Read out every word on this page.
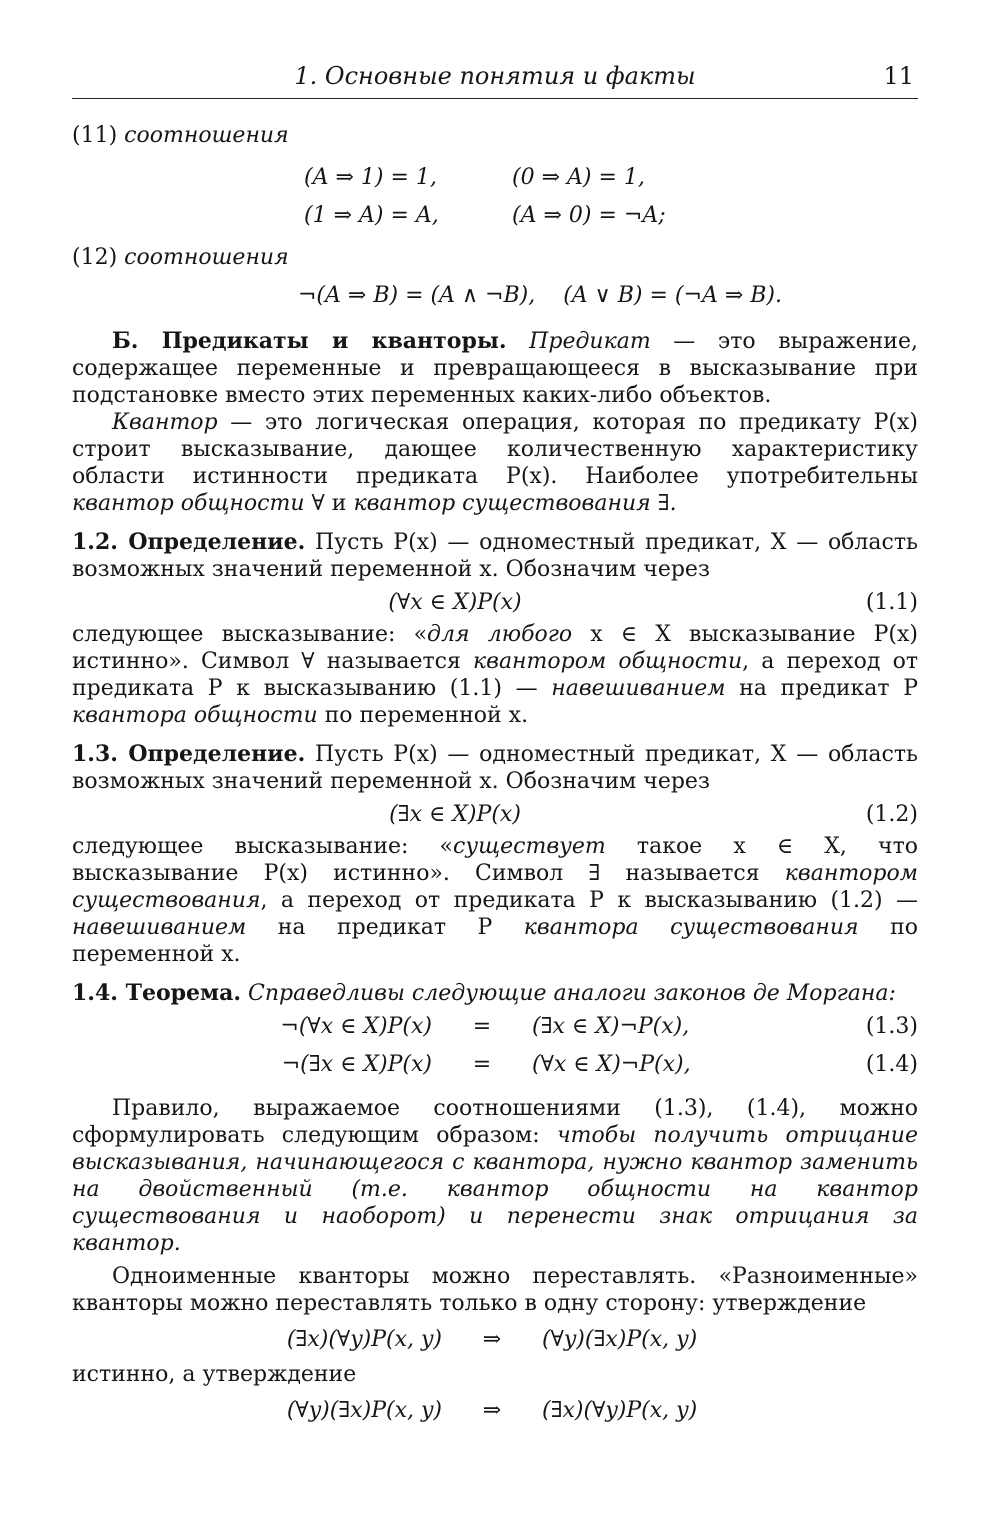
1. Основные понятия и факты	11
(11) соотношения
(A ⇒ 1) = 1,	(0 ⇒ A) = 1,
(1 ⇒ A) = A,	(A ⇒ 0) = ¬A;
(12) соотношения
¬(A ⇒ B) = (A ∧ ¬B),    (A ∨ B) = (¬A ⇒ B).

Б. Предикаты и кванторы. Предикат — это выражение, содержащее переменные и превращающееся в высказывание при подстановке вместо этих переменных каких-либо объектов.

Квантор — это логическая операция, которая по предикату P(x) строит высказывание, дающее количественную характеристику области истинности предиката P(x). Наиболее употребительны квантор общности ∀ и квантор существования ∃.

1.2. Определение. Пусть P(x) — одноместный предикат, X — область возможных значений переменной x. Обозначим через

(∀x ∈ X)P(x)	(1.1)

следующее высказывание: «для любого x ∈ X высказывание P(x) истинно». Символ ∀ называется квантором общности, а переход от предиката P к высказыванию (1.1) — навешиванием на предикат P квантора общности по переменной x.

1.3. Определение. Пусть P(x) — одноместный предикат, X — область возможных значений переменной x. Обозначим через

(∃x ∈ X)P(x)	(1.2)

следующее высказывание: «существует такое x ∈ X, что высказывание P(x) истинно». Символ ∃ называется квантором существования, а переход от предиката P к высказыванию (1.2) — навешиванием на предикат P квантора существования по переменной x.

1.4. Теорема. Справедливы следующие аналоги законов де Моргана:

¬(∀x ∈ X)P(x)	=	(∃x ∈ X)¬P(x),	(1.3)
¬(∃x ∈ X)P(x)	=	(∀x ∈ X)¬P(x),	(1.4)

Правило, выражаемое соотношениями (1.3), (1.4), можно сформулировать следующим образом: чтобы получить отрицание высказывания, начинающегося с квантора, нужно квантор заменить на двойственный (т.е. квантор общности на квантор существования и наоборот) и перенести знак отрицания за квантор.

Одноименные кванторы можно переставлять. «Разноименные» кванторы можно переставлять только в одну сторону: утверждение

(∃x)(∀y)P(x, y)	⇒	(∀y)(∃x)P(x, y)

истинно, а утверждение

(∀y)(∃x)P(x, y)	⇒	(∃x)(∀y)P(x, y)
